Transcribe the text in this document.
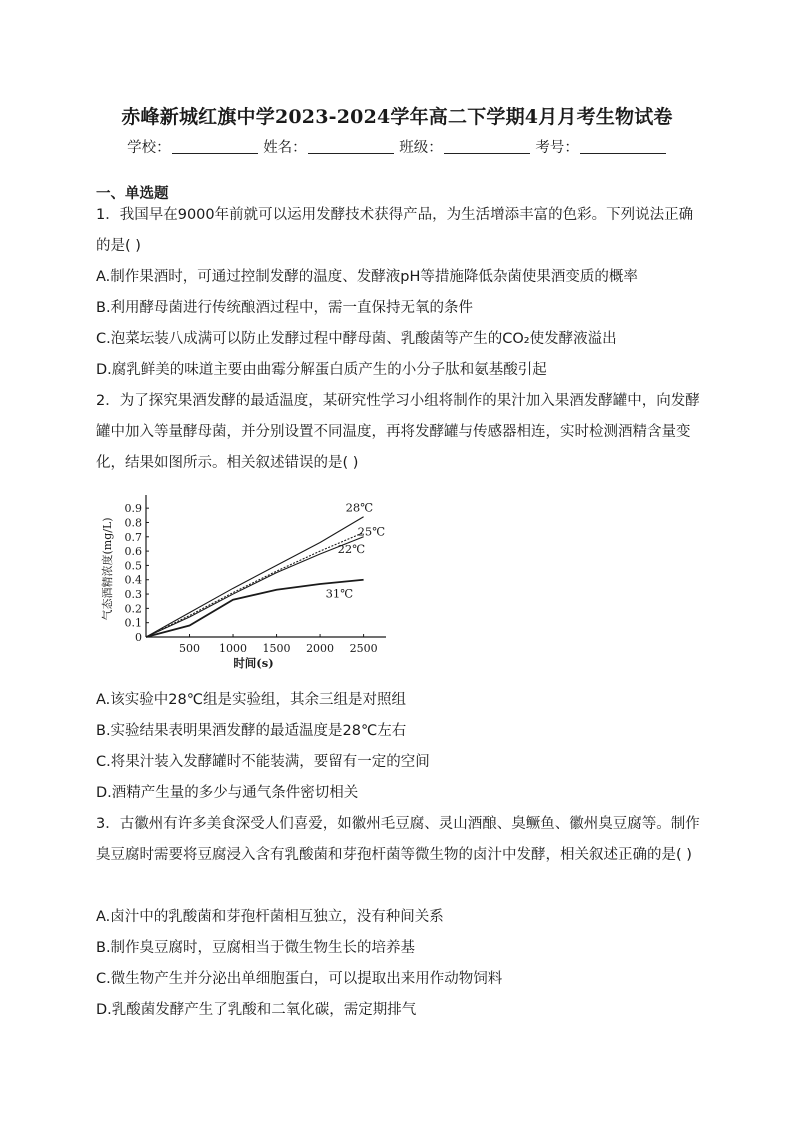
赤峰新城红旗中学2023-2024学年高二下学期4月月考生物试卷
学校：	姓名：	班级：	考号：
一、单选题
1．我国早在9000年前就可以运用发酵技术获得产品，为生活增添丰富的色彩。下列说法正确的是( )
A.制作果酒时，可通过控制发酵的温度、发酵液pH等措施降低杂菌使果酒变质的概率
B.利用酵母菌进行传统酿酒过程中，需一直保持无氧的条件
C.泡菜坛装八成满可以防止发酵过程中酵母菌、乳酸菌等产生的CO₂使发酵液溢出
D.腐乳鲜美的味道主要由曲霉分解蛋白质产生的小分子肽和氨基酸引起
2．为了探究果酒发酵的最适温度，某研究性学习小组将制作的果汁加入果酒发酵罐中，向发酵罐中加入等量酵母菌，并分别设置不同温度，再将发酵罐与传感器相连，实时检测酒精含量变化，结果如图所示。相关叙述错误的是( )
0
0.1
0.2
0.3
0.4
0.5
0.6
0.7
0.8
0.9
500 1000 1500 2000 2500
时间(s)
气态酒精浓度(mg/L)
28℃
25℃
22℃
31℃
A.该实验中28℃组是实验组，其余三组是对照组
B.实验结果表明果酒发酵的最适温度是28℃左右
C.将果汁装入发酵罐时不能装满，要留有一定的空间
D.酒精产生量的多少与通气条件密切相关
3．古徽州有许多美食深受人们喜爱，如徽州毛豆腐、灵山酒酿、臭鳜鱼、徽州臭豆腐等。制作臭豆腐时需要将豆腐浸入含有乳酸菌和芽孢杆菌等微生物的卤汁中发酵，相关叙述正确的是( )
A.卤汁中的乳酸菌和芽孢杆菌相互独立，没有种间关系
B.制作臭豆腐时，豆腐相当于微生物生长的培养基
C.微生物产生并分泌出单细胞蛋白，可以提取出来用作动物饲料
D.乳酸菌发酵产生了乳酸和二氧化碳，需定期排气
